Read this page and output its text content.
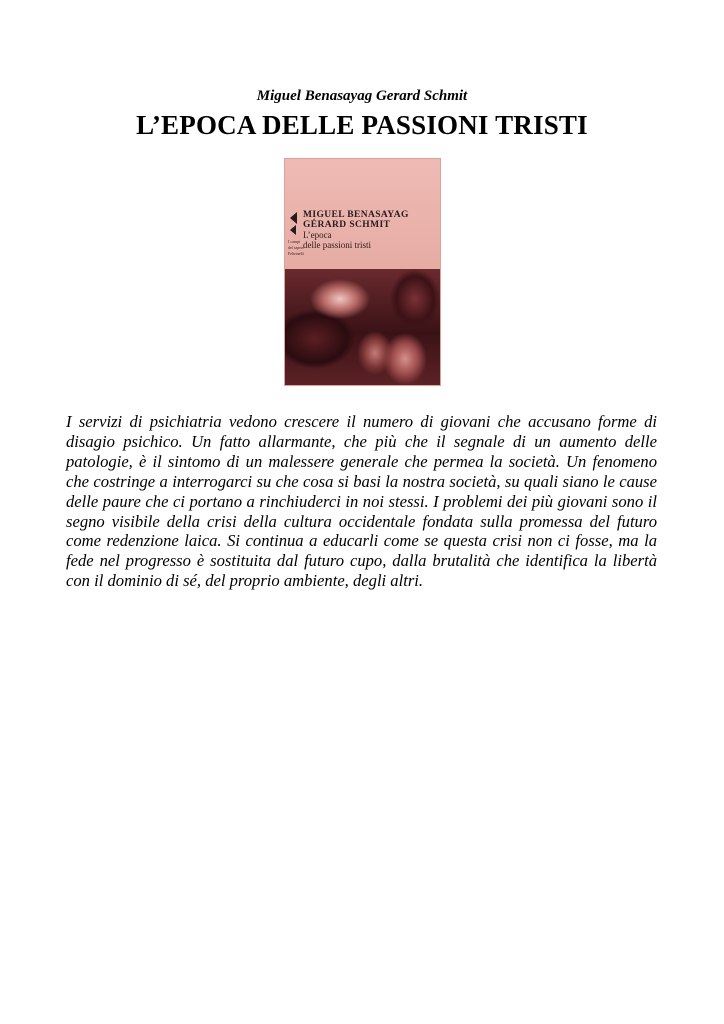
Miguel Benasayag Gerard Schmit
L’EPOCA DELLE PASSIONI TRISTI
MIGUEL BENASAYAG
GÉRARD SCHMIT
L’epoca
delle passioni tristi
I campi
del sapere
Feltrinelli
I servizi di psichiatria vedono crescere il numero di giovani che accusano forme di disagio psichico. Un fatto allarmante, che più che il segnale di un aumento delle patologie, è il sintomo di un malessere generale che permea la società. Un fenomeno che costringe a interrogarci su che cosa si basi la nostra società, su quali siano le cause delle paure che ci portano a rinchiuderci in noi stessi. I problemi dei più giovani sono il segno visibile della crisi della cultura occidentale fondata sulla promessa del futuro come redenzione laica. Si continua a educarli come se questa crisi non ci fosse, ma la fede nel progresso è sostituita dal futuro cupo, dalla brutalità che identifica la libertà con il dominio di sé, del proprio ambiente, degli altri.
